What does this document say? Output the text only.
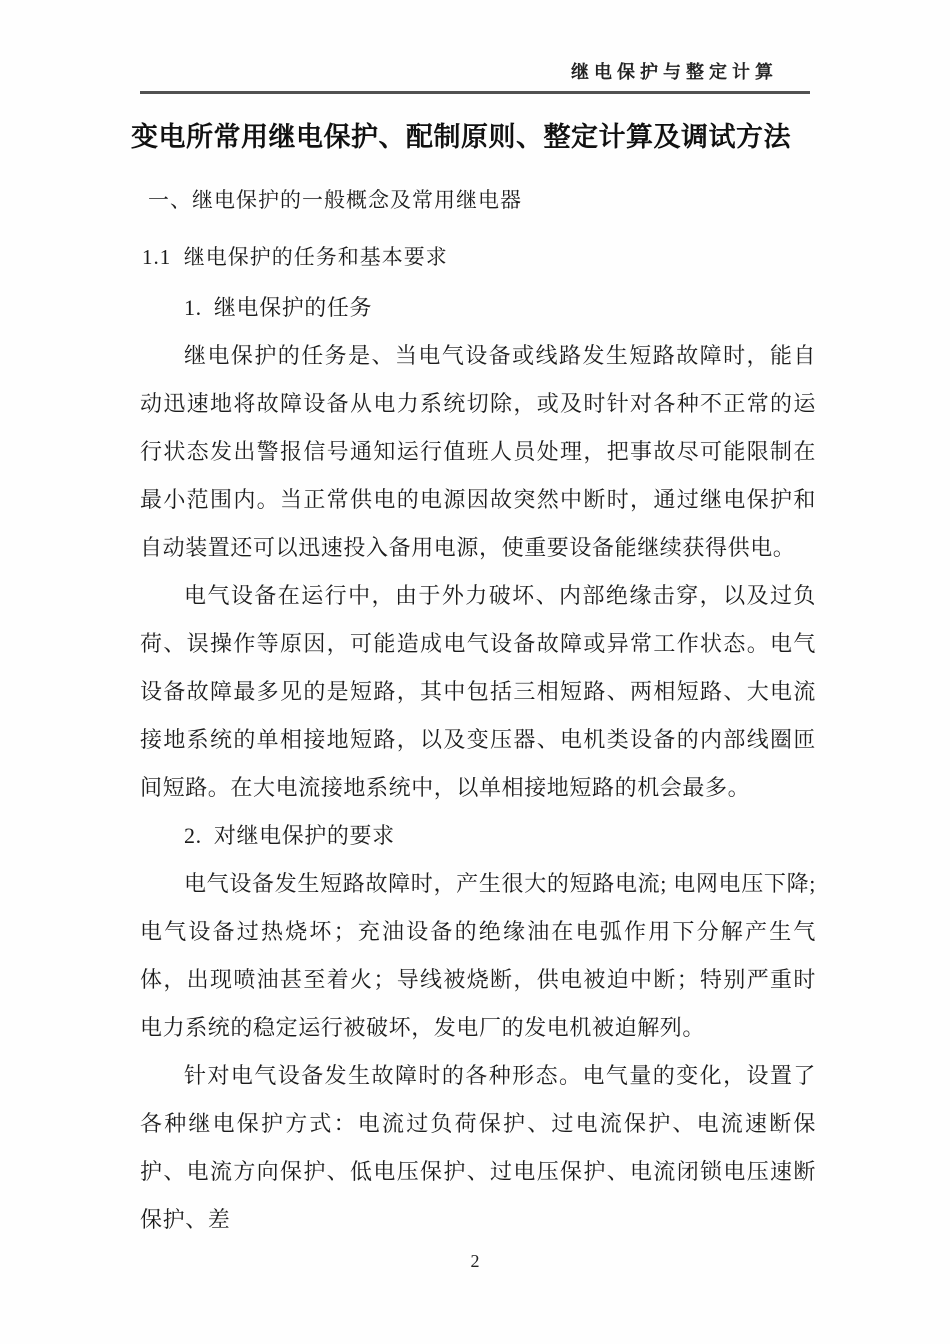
继电保护与整定计算
变电所常用继电保护、配制原则、整定计算及调试方法
一、继电保护的一般概念及常用继电器
1.1  继电保护的任务和基本要求

1.  继电保护的任务

继电保护的任务是、当电气设备或线路发生短路故障时，能自动迅速地将故障设备从电力系统切除，或及时针对各种不正常的运行状态发出警报信号通知运行值班人员处理，把事故尽可能限制在最小范围内。当正常供电的电源因故突然中断时，通过继电保护和自动装置还可以迅速投入备用电源，使重要设备能继续获得供电。

电气设备在运行中，由于外力破坏、内部绝缘击穿，以及过负荷、误操作等原因，可能造成电气设备故障或异常工作状态。电气设备故障最多见的是短路，其中包括三相短路、两相短路、大电流接地系统的单相接地短路，以及变压器、电机类设备的内部线圈匝间短路。在大电流接地系统中，以单相接地短路的机会最多。

2.  对继电保护的要求

电气设备发生短路故障时，产生很大的短路电流; 电网电压下降; 电气设备过热烧坏；充油设备的绝缘油在电弧作用下分解产生气体，出现喷油甚至着火；导线被烧断，供电被迫中断；特别严重时电力系统的稳定运行被破坏，发电厂的发电机被迫解列。

针对电气设备发生故障时的各种形态。电气量的变化，设置了各种继电保护方式：电流过负荷保护、过电流保护、电流速断保护、电流方向保护、低电压保护、过电压保护、电流闭锁电压速断保护、差

2
